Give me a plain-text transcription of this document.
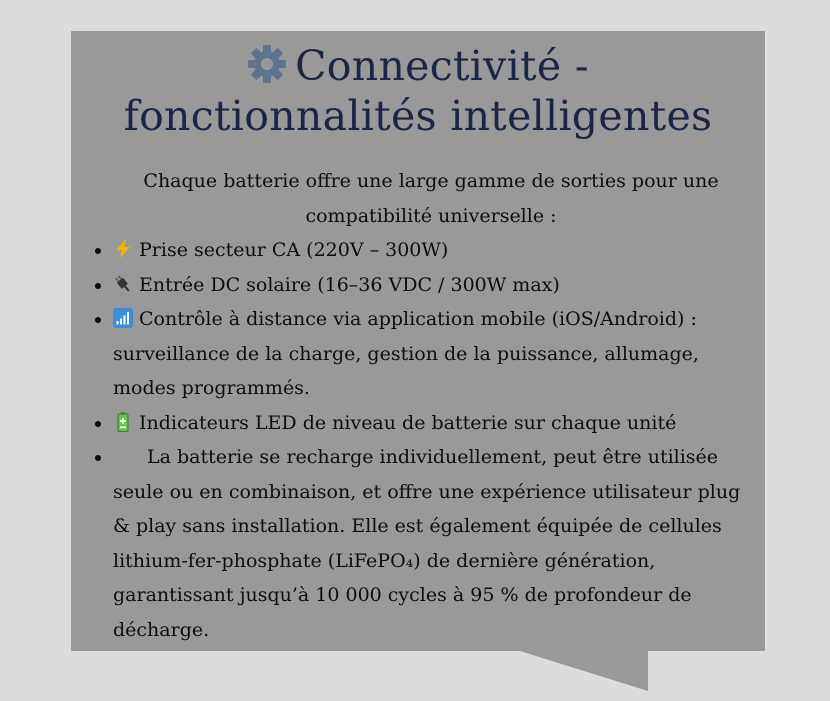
Connectivité -
fonctionnalités intelligentes
Chaque batterie offre une large gamme de sorties pour une compatibilité universelle :
• Prise secteur CA (220V – 300W)
• Entrée DC solaire (16–36 VDC / 300W max)
• Contrôle à distance via application mobile (iOS/Android) : surveillance de la charge, gestion de la puissance, allumage, modes programmés.
• Indicateurs LED de niveau de batterie sur chaque unité
• La batterie se recharge individuellement, peut être utilisée seule ou en combinaison, et offre une expérience utilisateur plug & play sans installation. Elle est également équipée de cellules lithium-fer-phosphate (LiFePO₄) de dernière génération, garantissant jusqu’à 10 000 cycles à 95 % de profondeur de décharge.
